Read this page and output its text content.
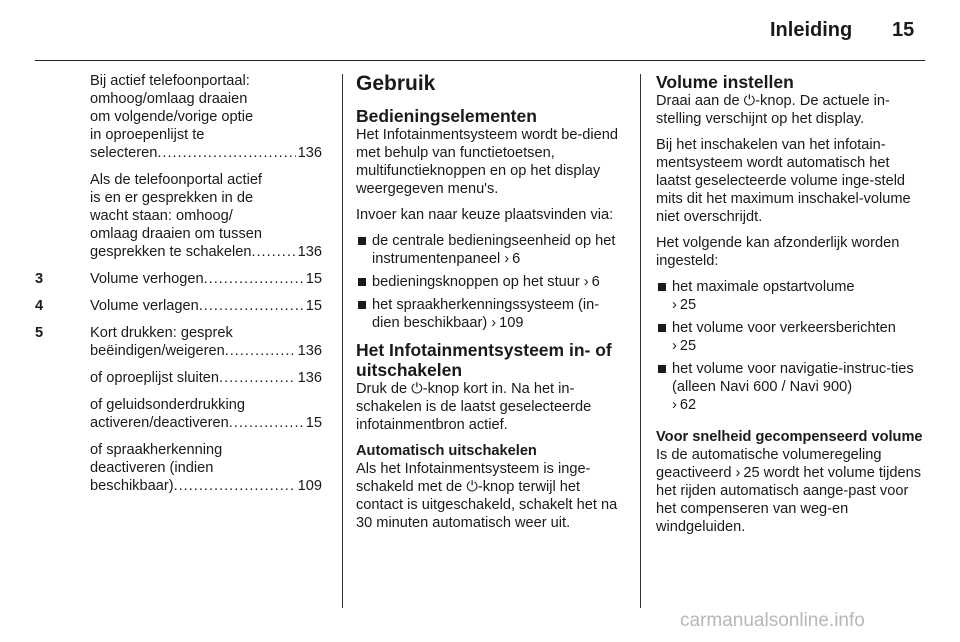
Inleiding 15
Bij actief telefoonportaal:
omhoog/omlaag draaien
om volgende/vorige optie
in oproepenlijst te
selecteren .....	136
Als de telefoonportal actief
is en er gesprekken in de
wacht staan: omhoog/
omlaag draaien om tussen
gesprekken te schakelen .....	136
3	Volume verhogen .....	15
4	Volume verlagen .....	15
5	Kort drukken: gesprek
beëindigen/weigeren .....	136
of oproeplijst sluiten .....	136
of geluidsonderdrukking
activeren/deactiveren .....	15
of spraakherkenning
deactiveren (indien
beschikbaar) .....	109
Gebruik
Bedieningselementen

Het Infotainmentsysteem wordt be-diend met behulp van functietoetsen, multifunctieknoppen en op het display weergegeven menu's.

Invoer kan naar keuze plaatsvinden via:

de centrale bedieningseenheid op het instrumentenpaneel › 6
bedieningsknoppen op het stuur › 6
het spraakherkenningssysteem (in-dien beschikbaar) › 109
Het Infotainmentsysteem in- of uitschakelen

Druk de ⏻-knop kort in. Na het in-schakelen is de laatst geselecteerde infotainmentbron actief.

Automatisch uitschakelen

Als het Infotainmentsysteem is inge-schakeld met de ⏻-knop terwijl het contact is uitgeschakeld, schakelt het na 30 minuten automatisch weer uit.

Volume instellen

Draai aan de ⏻-knop. De actuele in-stelling verschijnt op het display.

Bij het inschakelen van het infotain-mentsysteem wordt automatisch het laatst geselecteerde volume inge-steld mits dit het maximum inschakel-volume niet overschrijdt.

Het volgende kan afzonderlijk worden ingesteld:

het maximale opstartvolume
› 25
het volume voor verkeersberichten
› 25
het volume voor navigatie-instruc-ties (alleen Navi 600 / Navi 900)
› 62
Voor snelheid gecompenseerd volume

Is de automatische volumeregeling geactiveerd › 25 wordt het volume tijdens het rijden automatisch aange-past voor het compenseren van weg-en windgeluiden.

carmanualsonline.info
